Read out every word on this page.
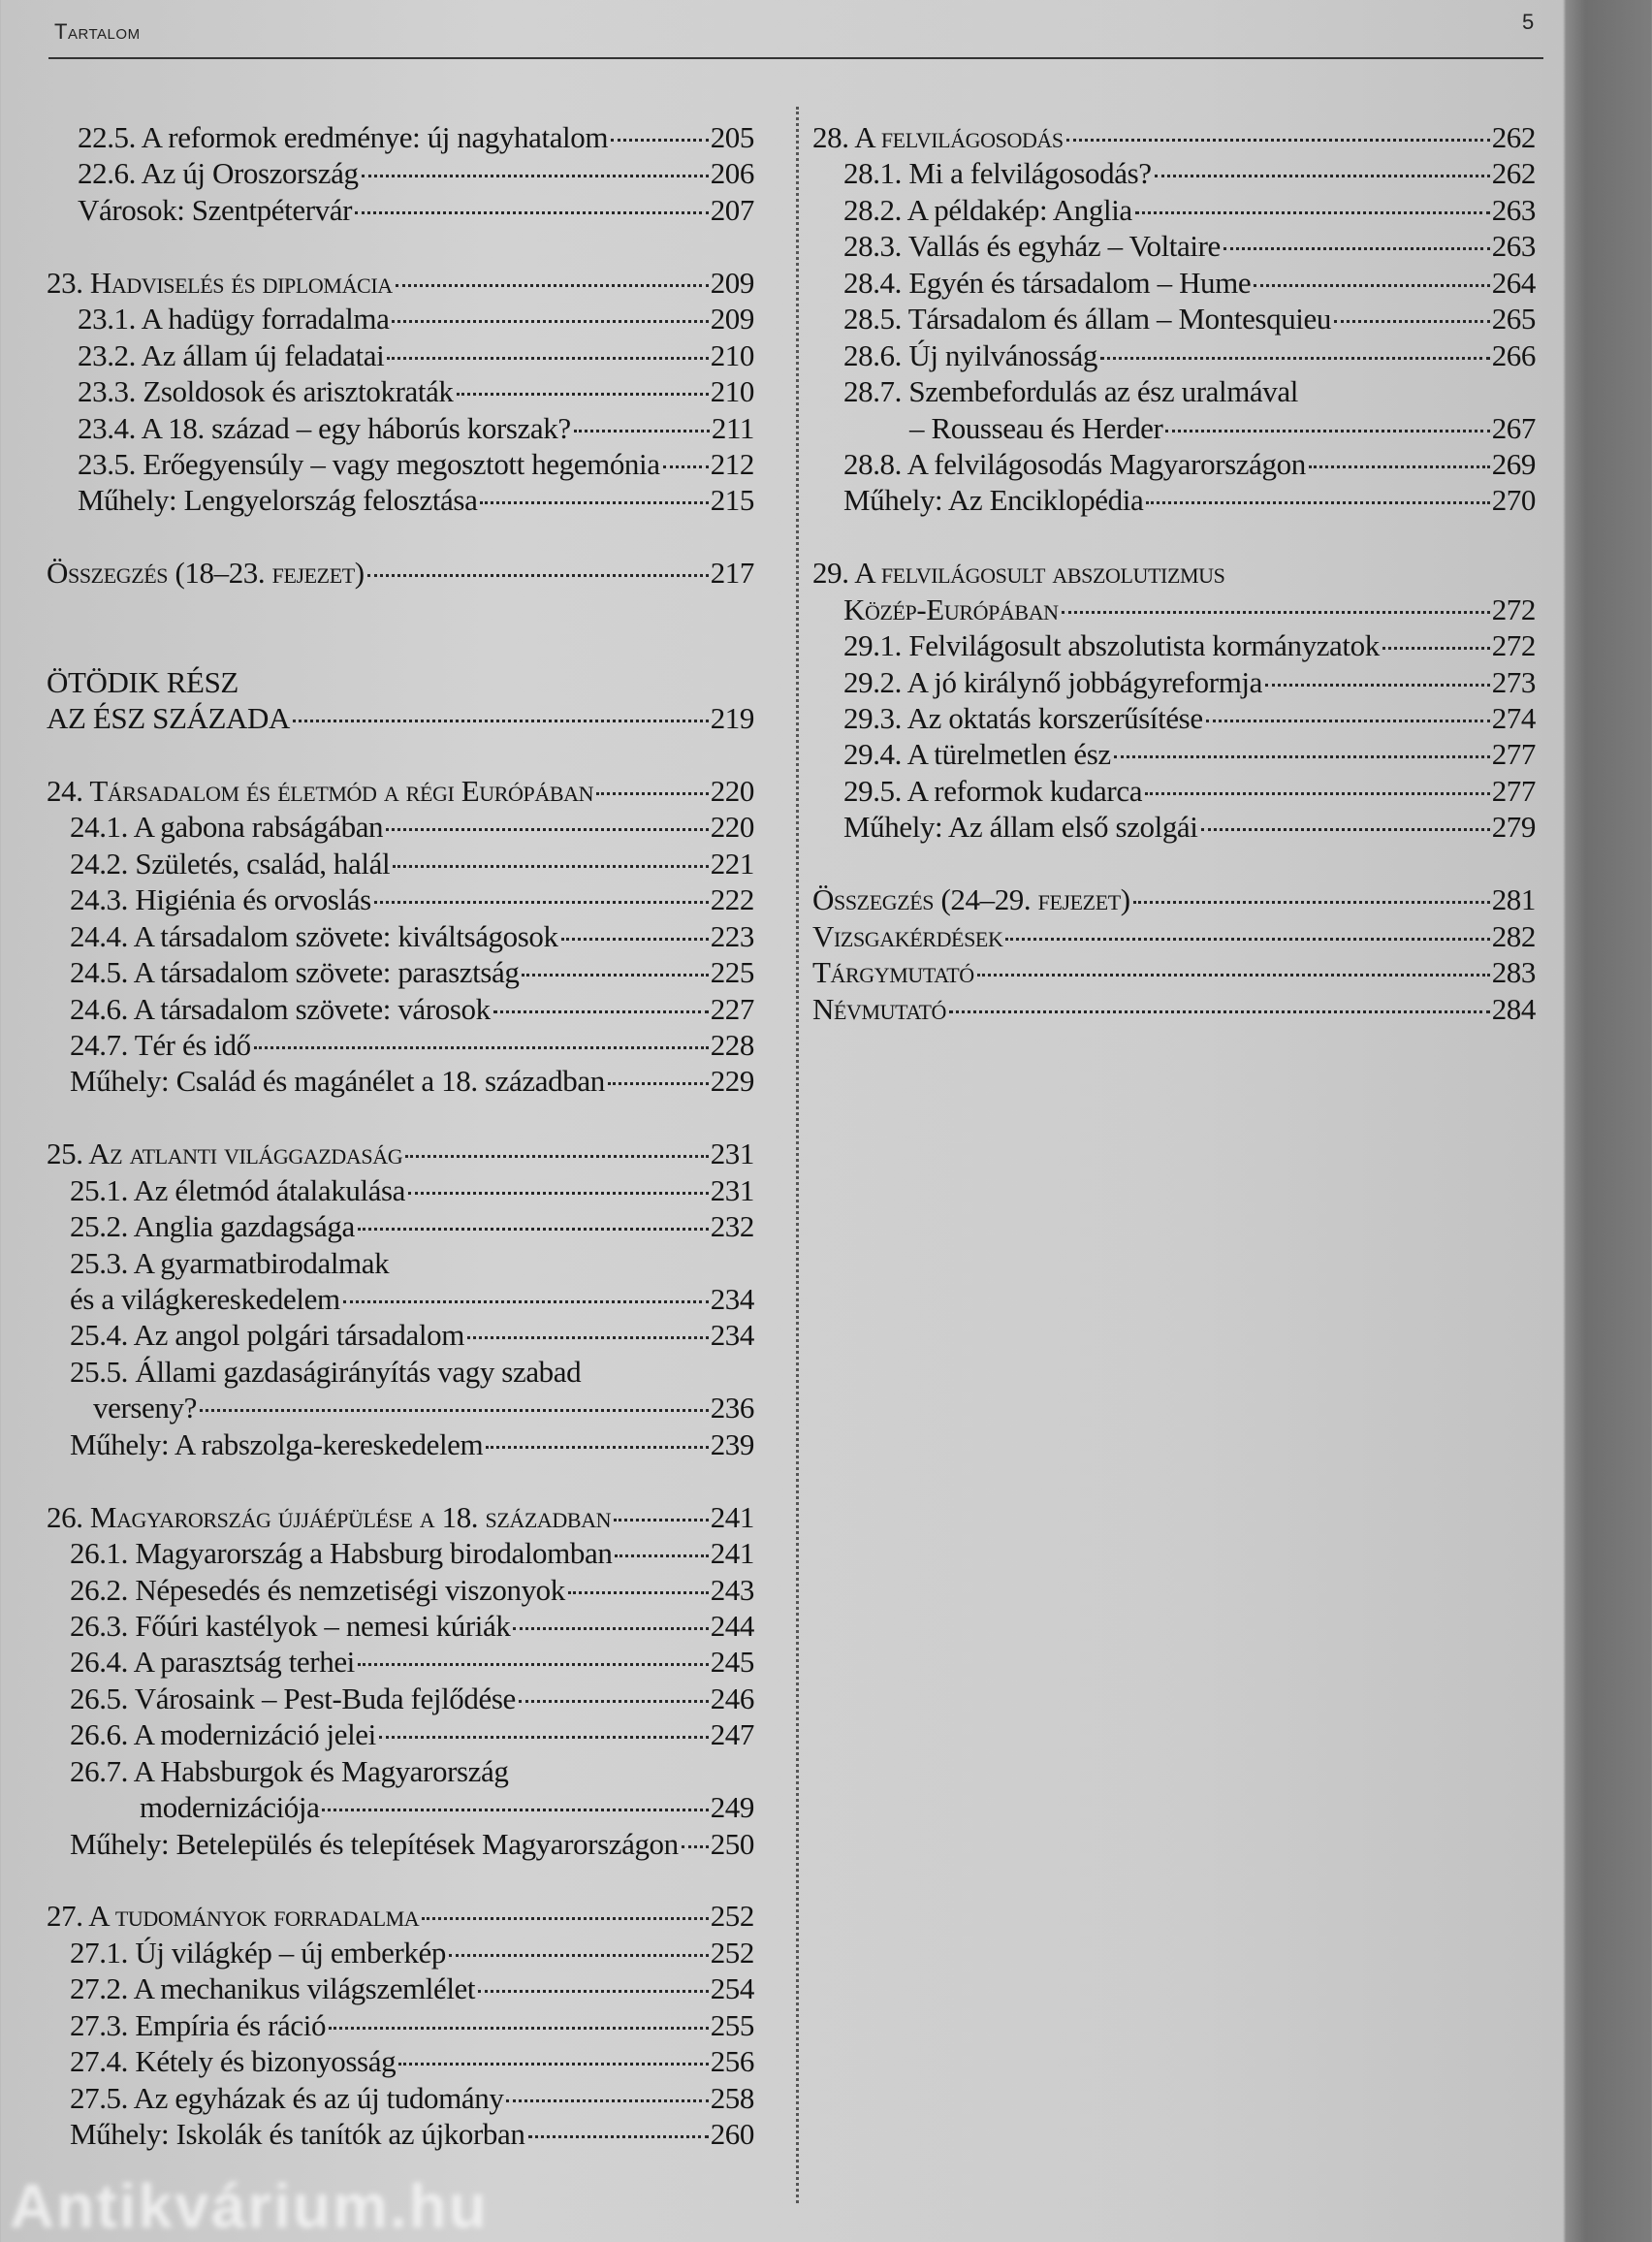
Tartalom	5
22.5. A reformok eredménye: új nagyhatalom	205
22.6. Az új Oroszország	206
Városok: Szentpétervár	207
23. Hadviselés és diplomácia	209
23.1. A hadügy forradalma	209
23.2. Az állam új feladatai	210
23.3. Zsoldosok és arisztokraták	210
23.4. A 18. század – egy háborús korszak?	211
23.5. Erőegyensúly – vagy megosztott hegemónia 212
Műhely: Lengyelország felosztása	215
Összegzés (18–23. fejezet)	217
ÖTÖDIK RÉSZ
AZ ÉSZ SZÁZADA	219
24. Társadalom és életmód a régi Európában	220
24.1. A gabona rabságában	220
24.2. Születés, család, halál	221
24.3. Higiénia és orvoslás	222
24.4. A társadalom szövete: kiváltságosok	223
24.5. A társadalom szövete: parasztság	225
24.6. A társadalom szövete: városok	227
24.7. Tér és idő	228
Műhely: Család és magánélet a 18. században	229
25. Az atlanti világgazdaság	231
25.1. Az életmód átalakulása	231
25.2. Anglia gazdagsága	232
25.3. A gyarmatbirodalmak
és a világkereskedelem	234
25.4. Az angol polgári társadalom	234
25.5. Állami gazdaságirányítás vagy szabad
verseny?	236
Műhely: A rabszolga-kereskedelem	239
26. Magyarország újjáépülése a 18. században	241
26.1. Magyarország a Habsburg birodalomban	241
26.2. Népesedés és nemzetiségi viszonyok	243
26.3. Főúri kastélyok – nemesi kúriák	244
26.4. A parasztság terhei	245
26.5. Városaink – Pest-Buda fejlődése	246
26.6. A modernizáció jelei	247
26.7. A Habsburgok és Magyarország
modernizációja	249
Műhely: Betelepülés és telepítések Magyarországon 250
27. A tudományok forradalma	252
27.1. Új világkép – új emberkép	252
27.2. A mechanikus világszemlélet	254
27.3. Empíria és ráció	255
27.4. Kétely és bizonyosság	256
27.5. Az egyházak és az új tudomány	258
Műhely: Iskolák és tanítók az újkorban	260
28. A felvilágosodás	262
28.1. Mi a felvilágosodás?	262
28.2. A példakép: Anglia	263
28.3. Vallás és egyház – Voltaire	263
28.4. Egyén és társadalom – Hume	264
28.5. Társadalom és állam – Montesquieu	265
28.6. Új nyilvánosság	266
28.7. Szembefordulás az ész uralmával
– Rousseau és Herder	267
28.8. A felvilágosodás Magyarországon	269
Műhely: Az Enciklopédia	270
29. A felvilágosult abszolutizmus
Közép-Európában	272
29.1. Felvilágosult abszolutista kormányzatok	272
29.2. A jó királynő jobbágyreformja	273
29.3. Az oktatás korszerűsítése	274
29.4. A türelmetlen ész	277
29.5. A reformok kudarca	277
Műhely: Az állam első szolgái	279
Összegzés (24–29. fejezet)	281
Vizsgakérdések	282
Tárgymutató	283
Névmutató	284
Antikvárium.hu
